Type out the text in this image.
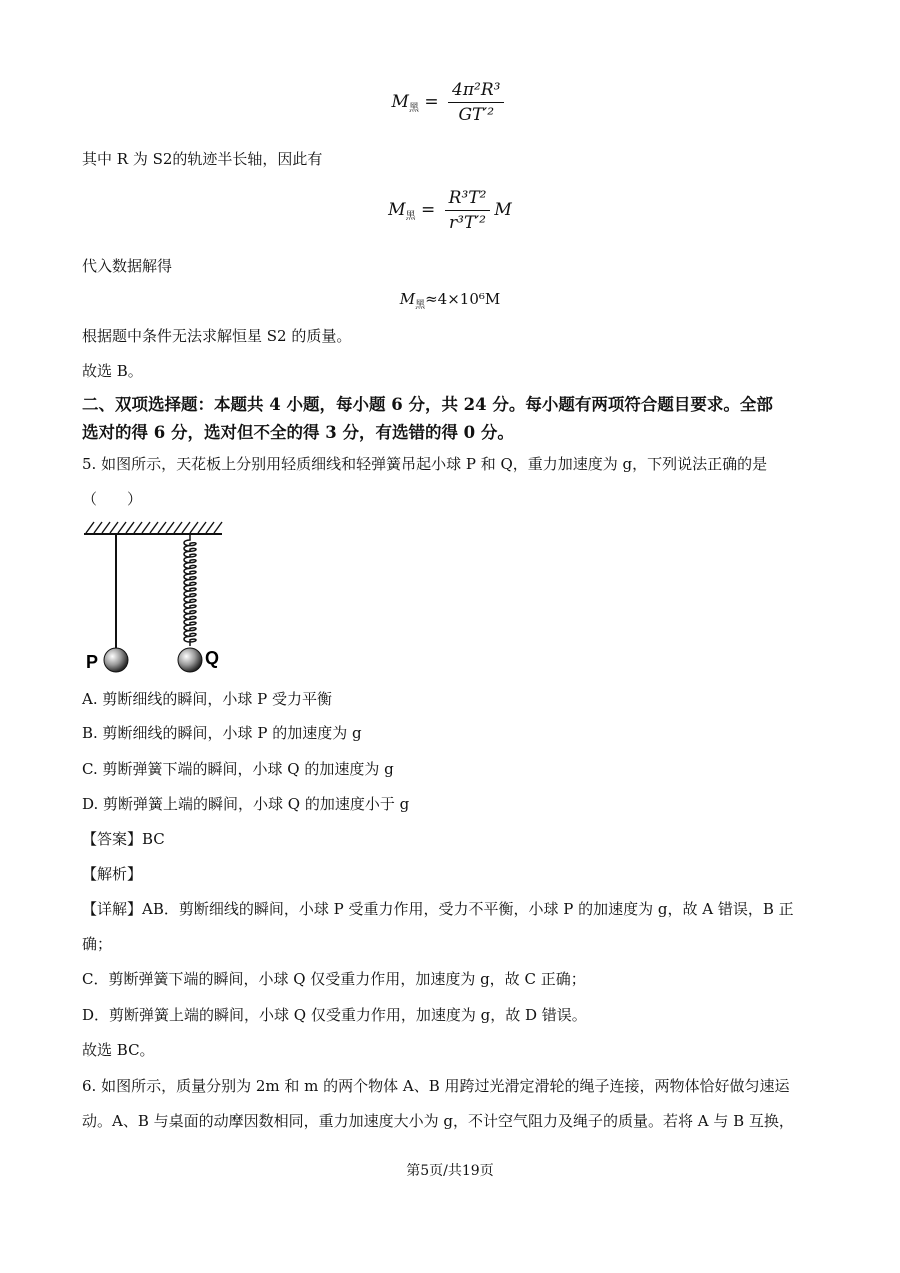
$M_黑 = \frac{\text{4π²R³}}{\text{GT′²}}$
其中 R 为 S2的轨迹半长轴，因此有
$M_黑 = \frac{\text{R³T²}}{\text{r³T′²}}$ M
代入数据解得
$M_黑\approx 4\times 10^6M$
根据题中条件无法求解恒星 S2 的质量。
故选 B。
二、双项选择题：本题共 4 小题，每小题 6 分，共 24 分。每小题有两项符合题目要求。全部
选对的得 6 分，选对但不全的得 3 分，有选错的得 0 分。
5. 如图所示，天花板上分别用轻质细线和轻弹簧吊起小球 P 和 Q，重力加速度为 g，下列说法正确的是
（　　）
P	Q
A. 剪断细线的瞬间，小球 P 受力平衡
B. 剪断细线的瞬间，小球 P 的加速度为 g
C. 剪断弹簧下端的瞬间，小球 Q 的加速度为 g
D. 剪断弹簧上端的瞬间，小球 Q 的加速度小于 g
【答案】BC
【解析】
【详解】AB．剪断细线的瞬间，小球 P 受重力作用，受力不平衡，小球 P 的加速度为 g，故 A 错误，B 正
确；
C．剪断弹簧下端的瞬间，小球 Q 仅受重力作用，加速度为 g，故 C 正确；
D．剪断弹簧上端的瞬间，小球 Q 仅受重力作用，加速度为 g，故 D 错误。
故选 BC。
6. 如图所示，质量分别为 2m 和 m 的两个物体 A、B 用跨过光滑定滑轮的绳子连接，两物体恰好做匀速运
动。A、B 与桌面的动摩因数相同，重力加速度大小为 g，不计空气阻力及绳子的质量。若将 A 与 B 互换，
第5页/共19页
